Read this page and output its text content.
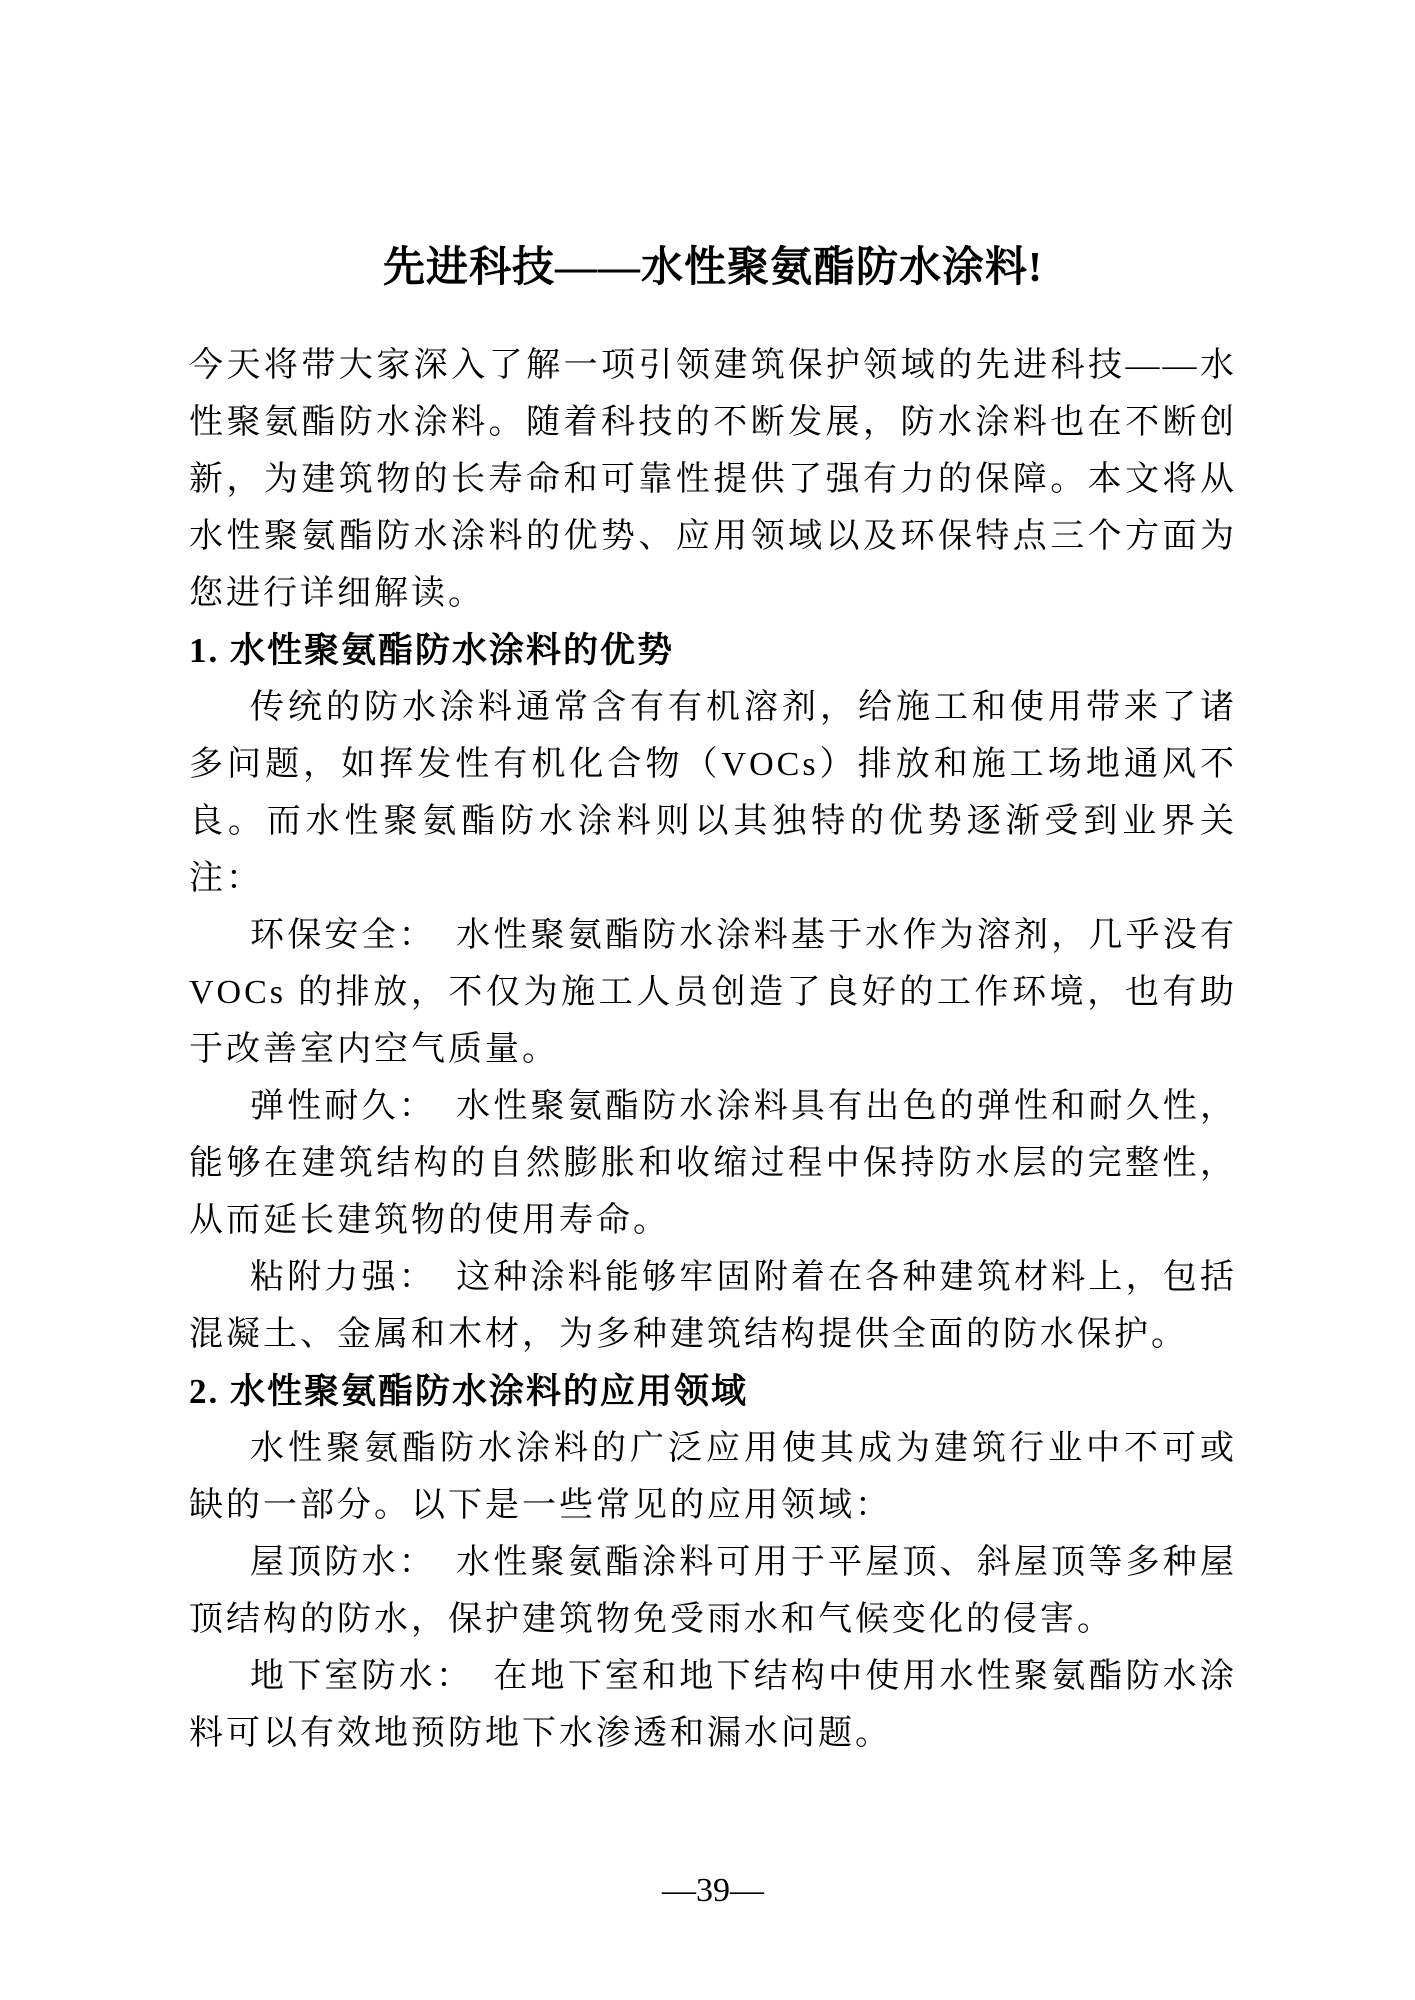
先进科技——水性聚氨酯防水涂料!

今天将带大家深入了解一项引领建筑保护领域的先进科技——水性聚氨酯防水涂料。随着科技的不断发展，防水涂料也在不断创新，为建筑物的长寿命和可靠性提供了强有力的保障。本文将从水性聚氨酯防水涂料的优势、应用领域以及环保特点三个方面为您进行详细解读。

1. 水性聚氨酯防水涂料的优势

传统的防水涂料通常含有有机溶剂，给施工和使用带来了诸多问题，如挥发性有机化合物（VOCs）排放和施工场地通风不良。而水性聚氨酯防水涂料则以其独特的优势逐渐受到业界关注：

环保安全：　水性聚氨酯防水涂料基于水作为溶剂，几乎没有 VOCs 的排放，不仅为施工人员创造了良好的工作环境，也有助于改善室内空气质量。

弹性耐久：　水性聚氨酯防水涂料具有出色的弹性和耐久性，能够在建筑结构的自然膨胀和收缩过程中保持防水层的完整性，从而延长建筑物的使用寿命。

粘附力强：　这种涂料能够牢固附着在各种建筑材料上，包括混凝土、金属和木材，为多种建筑结构提供全面的防水保护。

2. 水性聚氨酯防水涂料的应用领域

水性聚氨酯防水涂料的广泛应用使其成为建筑行业中不可或缺的一部分。以下是一些常见的应用领域：

屋顶防水：　水性聚氨酯涂料可用于平屋顶、斜屋顶等多种屋顶结构的防水，保护建筑物免受雨水和气候变化的侵害。

地下室防水：　在地下室和地下结构中使用水性聚氨酯防水涂料可以有效地预防地下水渗透和漏水问题。

—39—
